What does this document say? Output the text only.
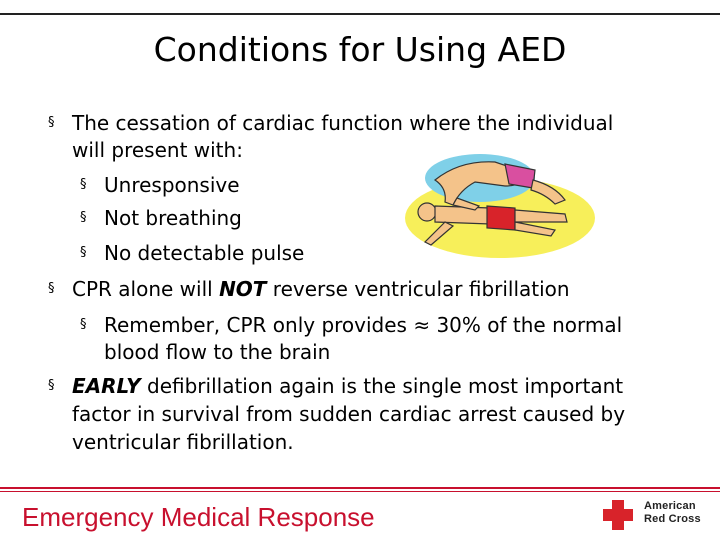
Conditions for Using AED
§ The cessation of cardiac function where the individual
will present with:
§ Unresponsive
§ Not breathing
§ No detectable pulse
§ CPR alone will NOT reverse ventricular fibrillation
§ Remember, CPR only provides ≈ 30% of the normal
blood flow to the brain
§ EARLY defibrillation again is the single most important
factor in survival from sudden cardiac arrest caused by
ventricular fibrillation.
Emergency Medical Response	American
Red Cross
